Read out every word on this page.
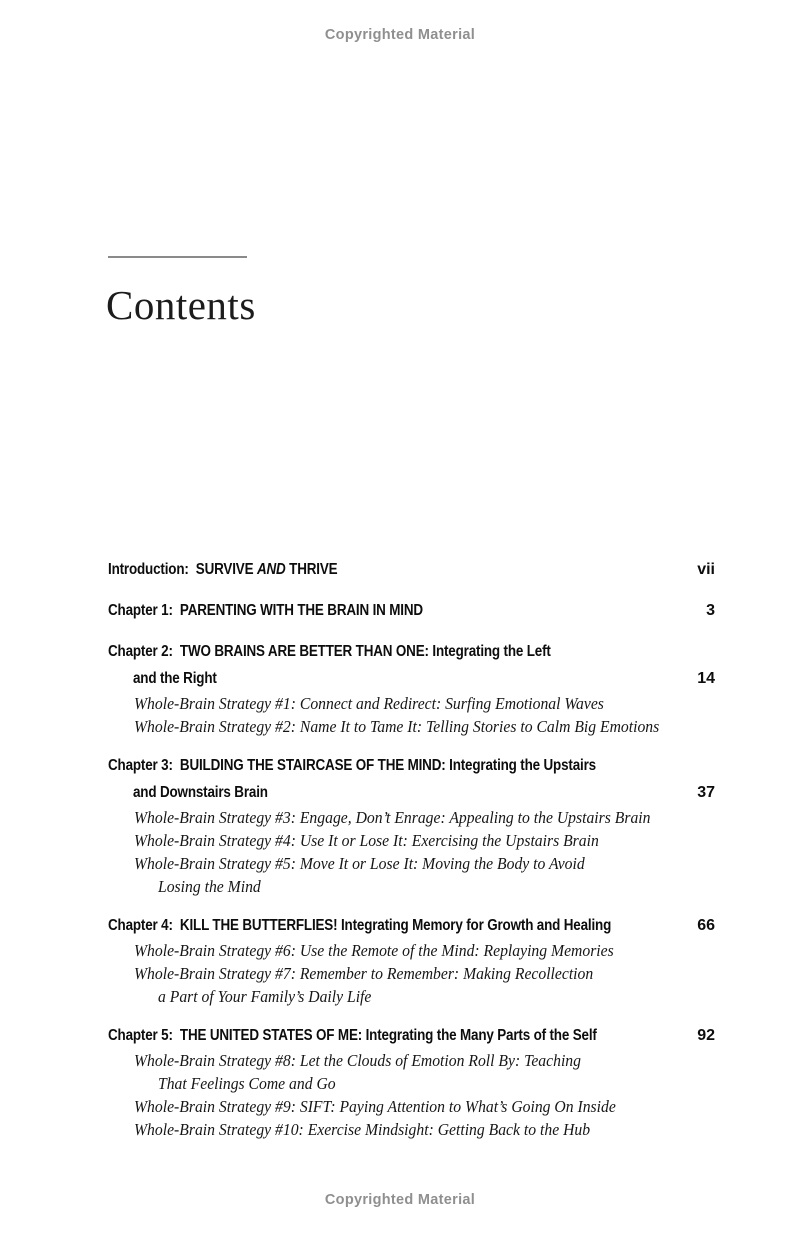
Copyrighted Material
Contents
Introduction:  SURVIVE AND THRIVE	vii
Chapter 1:  PARENTING WITH THE BRAIN IN MIND	3
Chapter 2:  TWO BRAINS ARE BETTER THAN ONE: Integrating the Left
and the Right	14
Whole-Brain Strategy #1: Connect and Redirect: Surfing Emotional Waves
Whole-Brain Strategy #2: Name It to Tame It: Telling Stories to Calm Big Emotions
Chapter 3:  BUILDING THE STAIRCASE OF THE MIND: Integrating the Upstairs
and Downstairs Brain	37
Whole-Brain Strategy #3: Engage, Don’t Enrage: Appealing to the Upstairs Brain
Whole-Brain Strategy #4: Use It or Lose It: Exercising the Upstairs Brain
Whole-Brain Strategy #5: Move It or Lose It: Moving the Body to Avoid
Losing the Mind
Chapter 4:  KILL THE BUTTERFLIES! Integrating Memory for Growth and Healing	66
Whole-Brain Strategy #6: Use the Remote of the Mind: Replaying Memories
Whole-Brain Strategy #7: Remember to Remember: Making Recollection
a Part of Your Family’s Daily Life
Chapter 5:  THE UNITED STATES OF ME: Integrating the Many Parts of the Self	92
Whole-Brain Strategy #8: Let the Clouds of Emotion Roll By: Teaching
That Feelings Come and Go
Whole-Brain Strategy #9: SIFT: Paying Attention to What’s Going On Inside
Whole-Brain Strategy #10: Exercise Mindsight: Getting Back to the Hub
Copyrighted Material
